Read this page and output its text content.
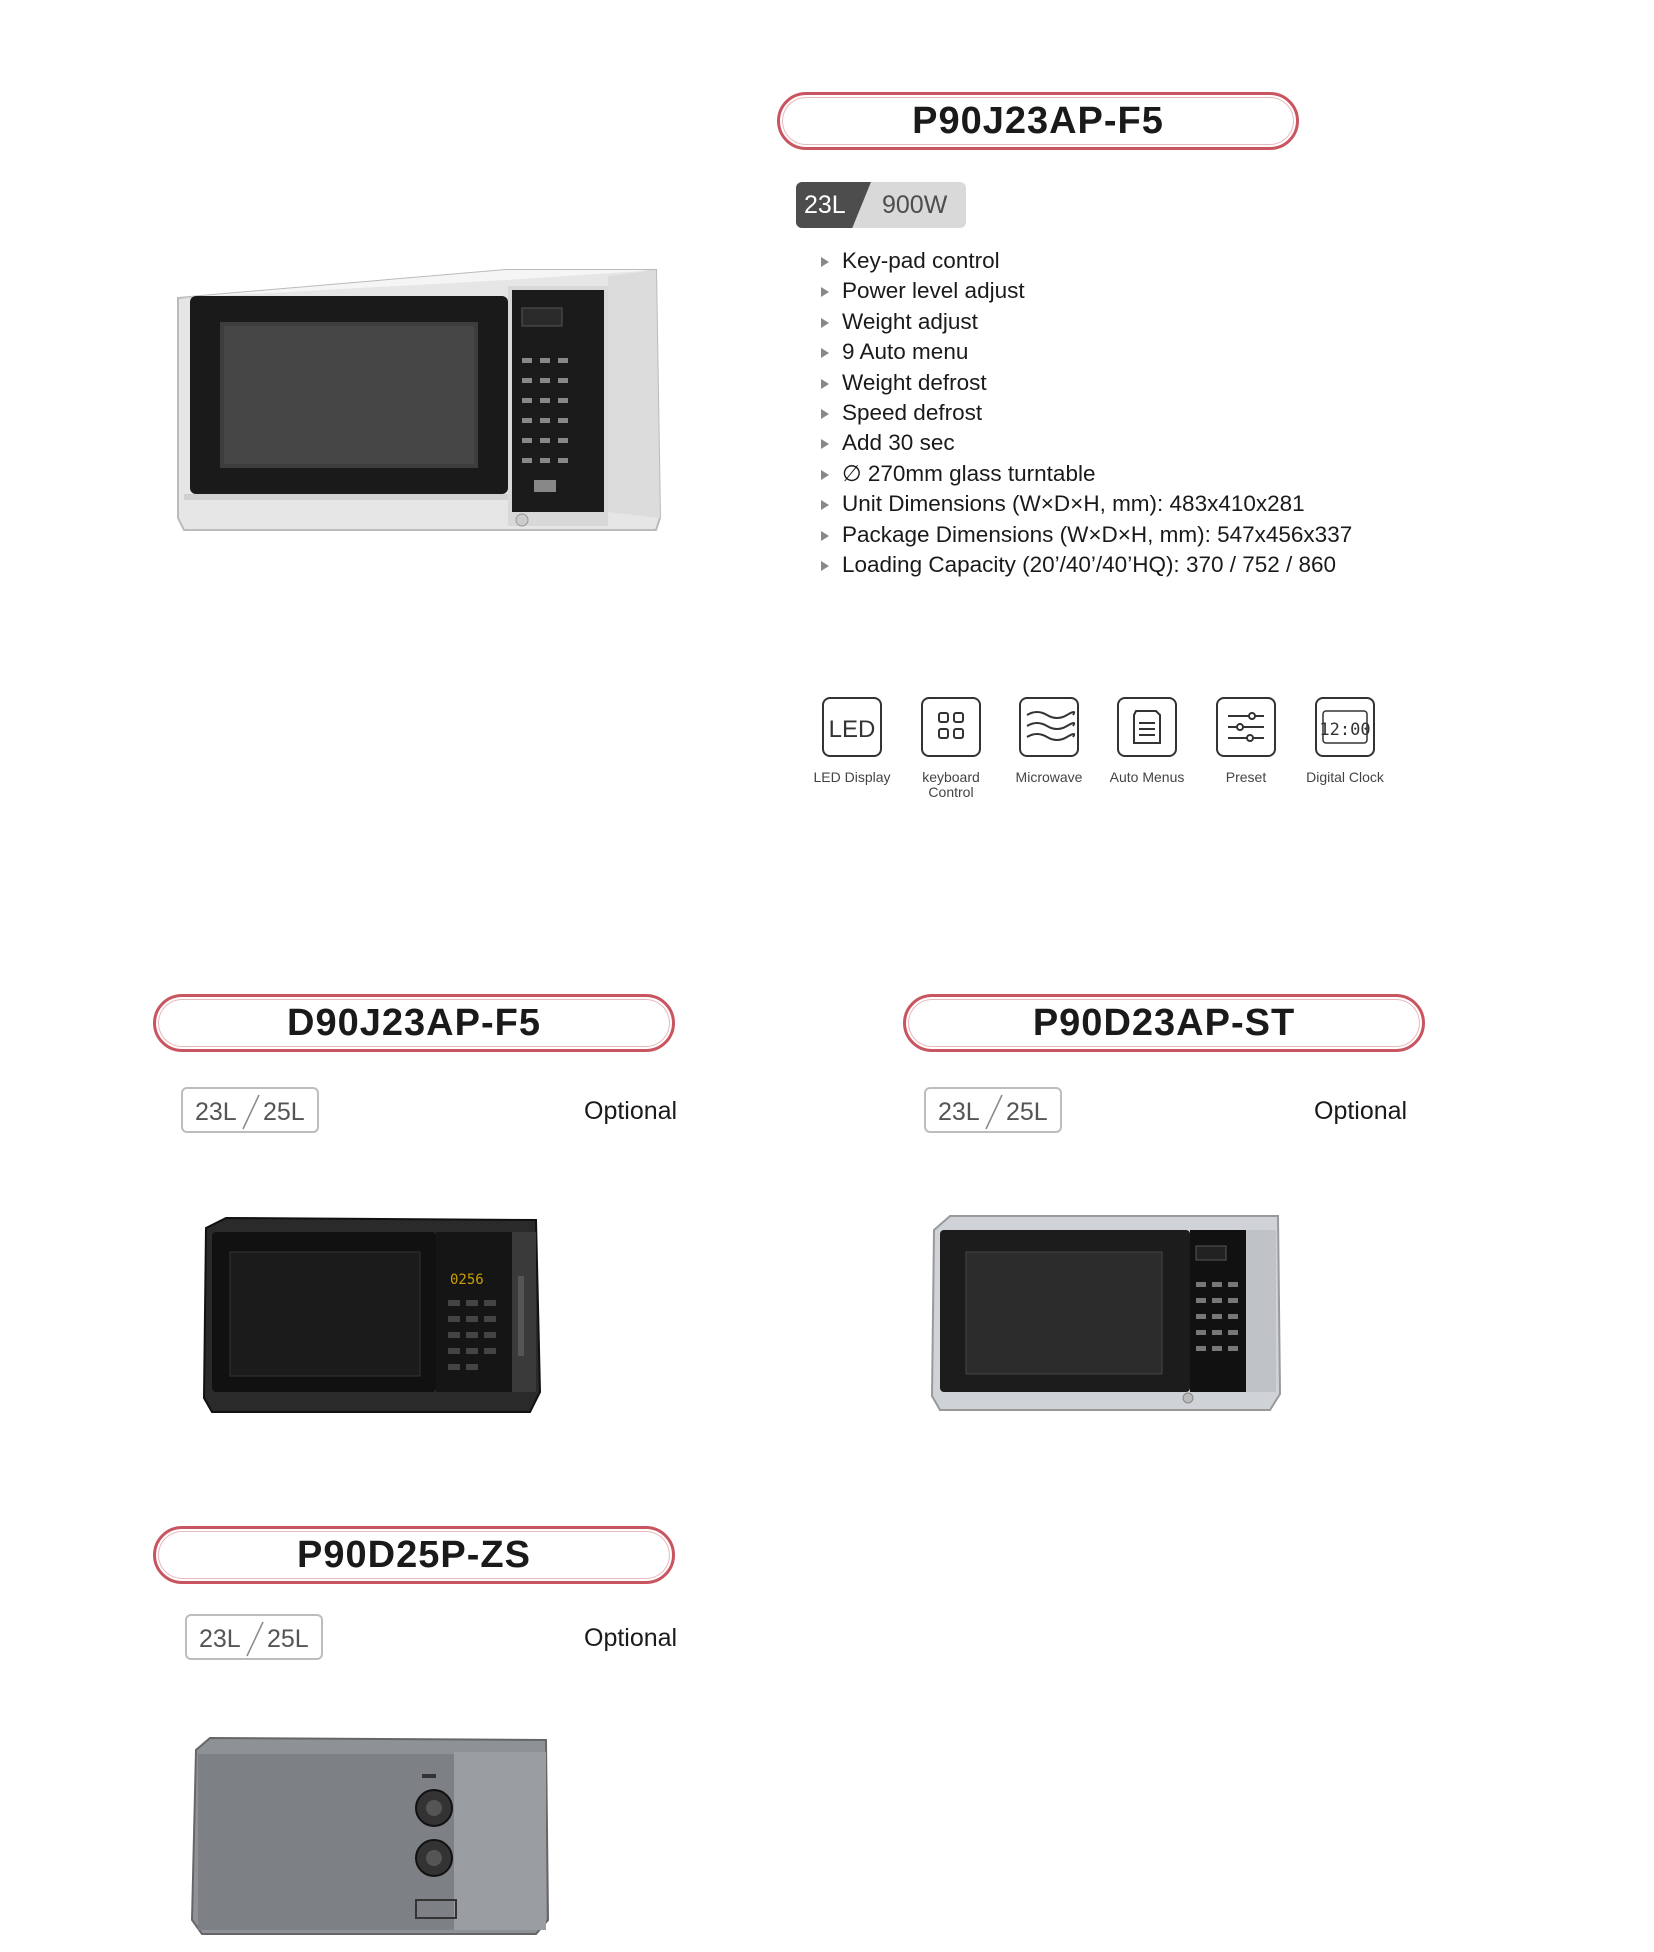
P90J23AP-F5
23L 900W
Key-pad control
Power level adjust
Weight adjust
9 Auto menu
Weight defrost
Speed defrost
Add 30 sec
∅ 270mm glass turntable
Unit Dimensions (W×D×H, mm): 483x410x281
Package Dimensions (W×D×H, mm): 547x456x337
Loading Capacity (20’/40’/40’HQ): 370 / 752 / 860
LED
LED Display	keyboard
Control
Microwave	Auto Menus	Preset
12:00
Digital Clock
D90J23AP-F5
23L 25L	Optional
0256
P90D23AP-ST
23L 25L	Optional
P90D25P-ZS
23L 25L	Optional
